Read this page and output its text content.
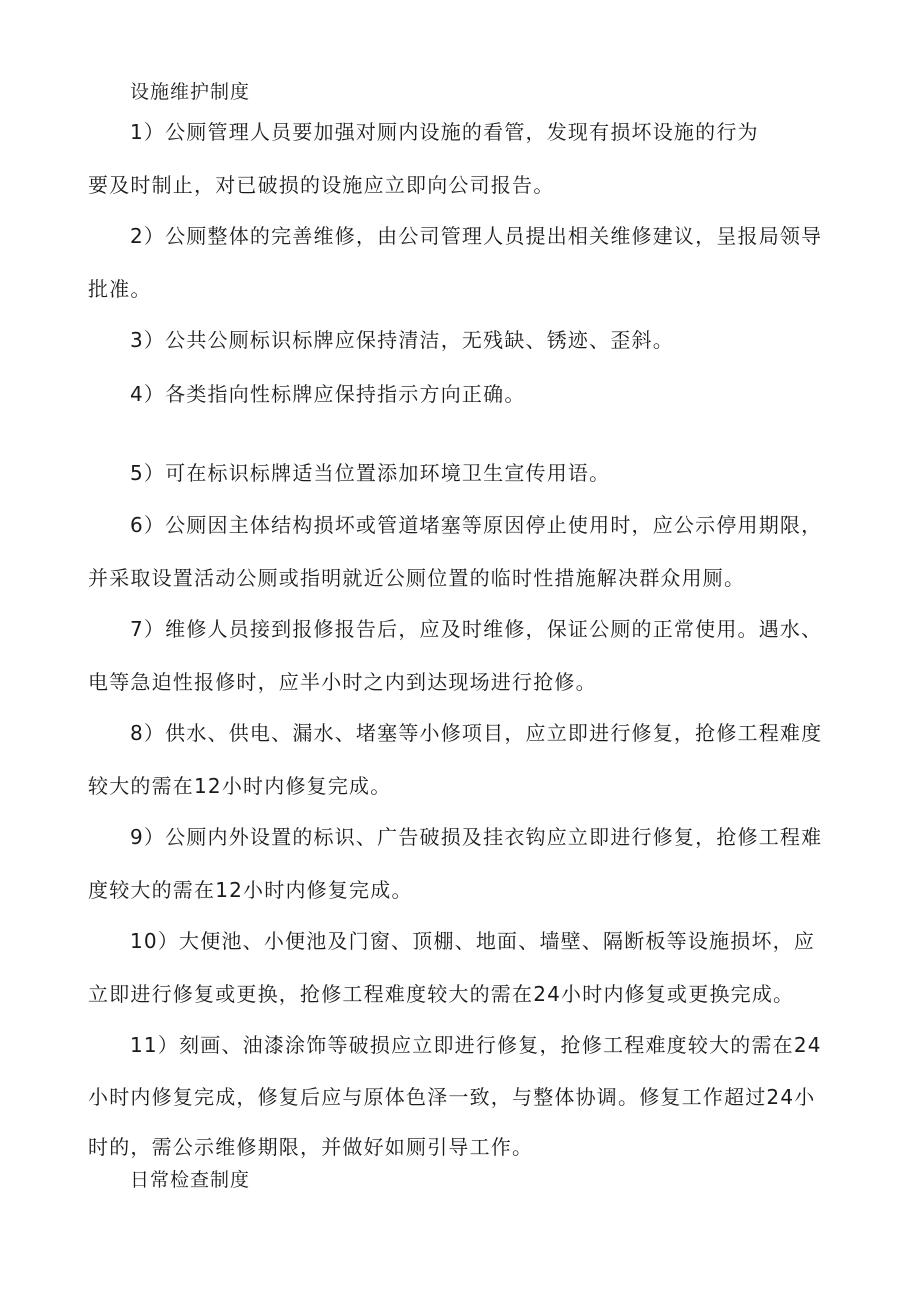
设施维护制度
1）公厕管理人员要加强对厕内设施的看管，发现有损坏设施的行为
要及时制止，对已破损的设施应立即向公司报告。
2）公厕整体的完善维修，由公司管理人员提出相关维修建议，呈报局领导
批准。
3）公共公厕标识标牌应保持清洁，无残缺、锈迹、歪斜。
4）各类指向性标牌应保持指示方向正确。
5）可在标识标牌适当位置添加环境卫生宣传用语。
6）公厕因主体结构损坏或管道堵塞等原因停止使用时，应公示停用期限，
并采取设置活动公厕或指明就近公厕位置的临时性措施解决群众用厕。
7）维修人员接到报修报告后，应及时维修，保证公厕的正常使用。遇水、
电等急迫性报修时，应半小时之内到达现场进行抢修。
8）供水、供电、漏水、堵塞等小修项目，应立即进行修复，抢修工程难度
较大的需在12小时内修复完成。
9）公厕内外设置的标识、广告破损及挂衣钩应立即进行修复，抢修工程难
度较大的需在12小时内修复完成。
10）大便池、小便池及门窗、顶棚、地面、墙壁、隔断板等设施损坏，应
立即进行修复或更换，抢修工程难度较大的需在24小时内修复或更换完成。
11）刻画、油漆涂饰等破损应立即进行修复，抢修工程难度较大的需在24
小时内修复完成，修复后应与原体色泽一致，与整体协调。修复工作超过24小
时的，需公示维修期限，并做好如厕引导工作。
日常检查制度
